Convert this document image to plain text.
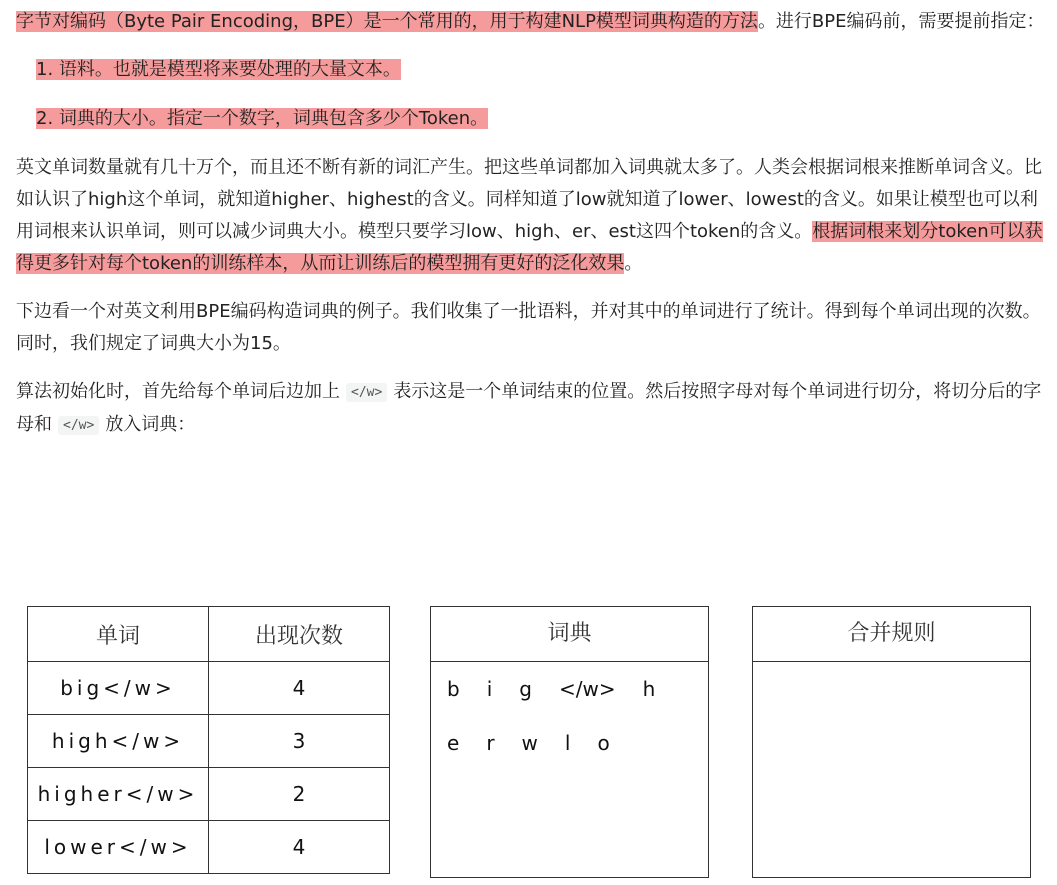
字节对编码（Byte Pair Encoding，BPE）是一个常用的，用于构建NLP模型词典构造的方法。进行BPE编码前，需要提前指定：

1. 语料。也就是模型将来要处理的大量文本。
2. 词典的大小。指定一个数字，词典包含多少个Token。

英文单词数量就有几十万个，而且还不断有新的词汇产生。把这些单词都加入词典就太多了。人类会根据词根来推断单词含义。比如认识了high这个单词，就知道higher、highest的含义。同样知道了low就知道了lower、lowest的含义。如果让模型也可以利用词根来认识单词，则可以减少词典大小。模型只要学习low、high、er、est这四个token的含义。根据词根来划分token可以获得更多针对每个token的训练样本，从而让训练后的模型拥有更好的泛化效果。

下边看一个对英文利用BPE编码构造词典的例子。我们收集了一批语料，并对其中的单词进行了统计。得到每个单词出现的次数。同时，我们规定了词典大小为15。

算法初始化时，首先给每个单词后边加上 </w> 表示这是一个单词结束的位置。然后按照字母对每个单词进行切分，将切分后的字母和 </w> 放入词典：

单词	出现次数
big</w>	4
high</w>	3
higher</w>	2
lower</w>	4
词典
b i g </w> h
e r w l o
合并规则
